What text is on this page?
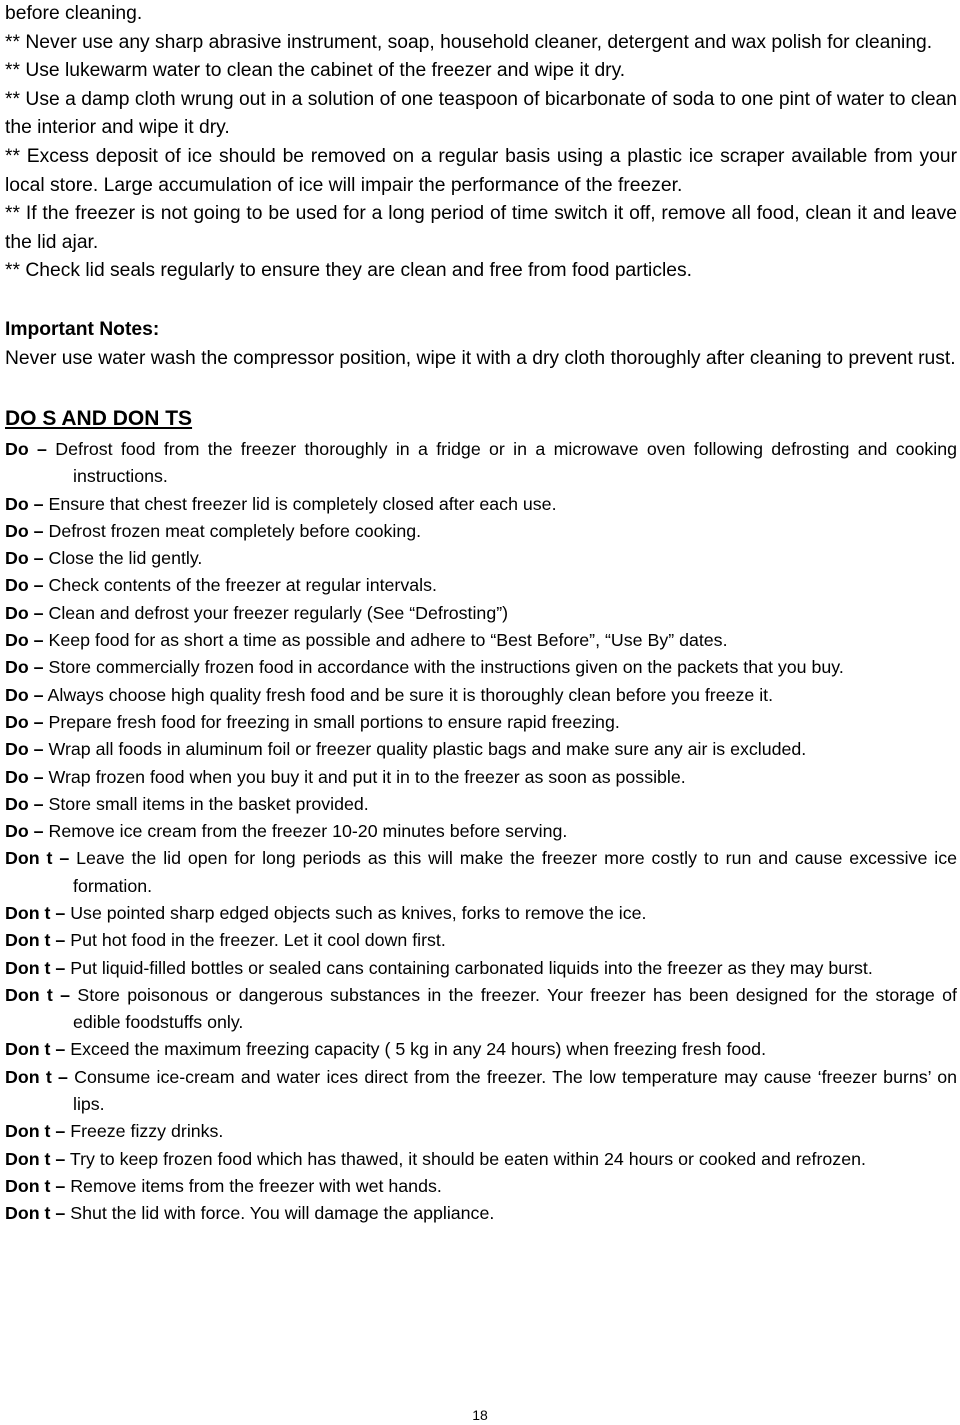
before cleaning.

** Never use any sharp abrasive instrument, soap, household cleaner, detergent and wax polish for cleaning.

** Use lukewarm water to clean the cabinet of the freezer and wipe it dry.

** Use a damp cloth wrung out in a solution of one teaspoon of bicarbonate of soda to one pint of water to clean the interior and wipe it dry.

** Excess deposit of ice should be removed on a regular basis using a plastic ice scraper available from your local store. Large accumulation of ice will impair the performance of the freezer.

** If the freezer is not going to be used for a long period of time switch it off, remove all food, clean it and leave the lid ajar.

** Check lid seals regularly to ensure they are clean and free from food particles.

Important Notes:

Never use water wash the compressor position, wipe it with a dry cloth thoroughly after cleaning to prevent rust.

DO S AND DON TS

Do – Defrost food from the freezer thoroughly in a fridge or in a microwave oven following defrosting and cooking instructions.

Do – Ensure that chest freezer lid is completely closed after each use.

Do – Defrost frozen meat completely before cooking.

Do – Close the lid gently.

Do – Check contents of the freezer at regular intervals.

Do – Clean and defrost your freezer regularly (See “Defrosting”)

Do – Keep food for as short a time as possible and adhere to “Best Before”, “Use By” dates.

Do – Store commercially frozen food in accordance with the instructions given on the packets that you buy.

Do – Always choose high quality fresh food and be sure it is thoroughly clean before you freeze it.

Do – Prepare fresh food for freezing in small portions to ensure rapid freezing.

Do – Wrap all foods in aluminum foil or freezer quality plastic bags and make sure any air is excluded.

Do – Wrap frozen food when you buy it and put it in to the freezer as soon as possible.

Do – Store small items in the basket provided.

Do – Remove ice cream from the freezer 10-20 minutes before serving.

Don t – Leave the lid open for long periods as this will make the freezer more costly to run and cause excessive ice formation.

Don t – Use pointed sharp edged objects such as knives, forks to remove the ice.

Don t – Put hot food in the freezer. Let it cool down first.

Don t – Put liquid-filled bottles or sealed cans containing carbonated liquids into the freezer as they may burst.

Don t – Store poisonous or dangerous substances in the freezer. Your freezer has been designed for the storage of edible foodstuffs only.

Don t – Exceed the maximum freezing capacity ( 5 kg in any 24 hours) when freezing fresh food.

Don t – Consume ice-cream and water ices direct from the freezer. The low temperature may cause ‘freezer burns’ on lips.

Don t – Freeze fizzy drinks.

Don t – Try to keep frozen food which has thawed, it should be eaten within 24 hours or cooked and refrozen.

Don t – Remove items from the freezer with wet hands.

Don t – Shut the lid with force. You will damage the appliance.

18
